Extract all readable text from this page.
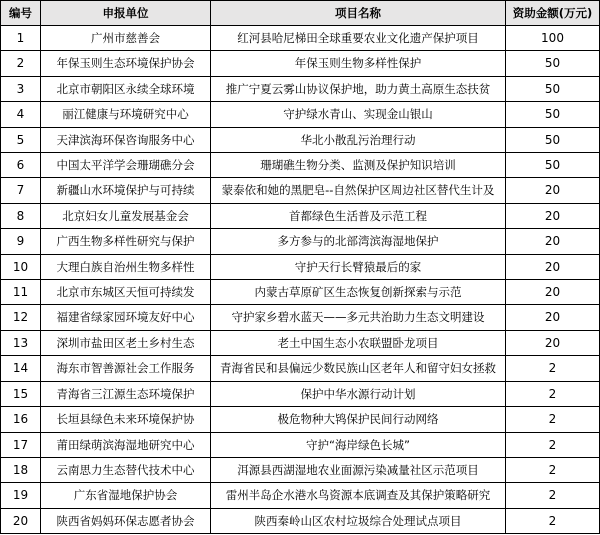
编号	申报单位	项目名称	资助金额(万元)
1	广州市慈善会	红河县哈尼梯田全球重要农业文化遗产保护项目	100
2	年保玉则生态环境保护协会	年保玉则生物多样性保护	50
3	北京市朝阳区永续全球环境	推广宁夏云雾山协议保护地，助力黄土高原生态扶贫	50
4	丽江健康与环境研究中心	守护绿水青山、实现金山银山	50
5	天津滨海环保咨询服务中心	华北小散乱污治理行动	50
6	中国太平洋学会珊瑚礁分会	珊瑚礁生物分类、监测及保护知识培训	50
7	新疆山水环境保护与可持续	蒙泰依和她的黑肥皂--自然保护区周边社区替代生计及	20
8	北京妇女儿童发展基金会	首都绿色生活普及示范工程	20
9	广西生物多样性研究与保护	多方参与的北部湾滨海湿地保护	20
10	大理白族自治州生物多样性	守护天行长臂猿最后的家	20
11	北京市东城区天恒可持续发	内蒙古草原矿区生态恢复创新探索与示范	20
12	福建省绿家园环境友好中心	守护家乡碧水蓝天——多元共治助力生态文明建设	20
13	深圳市盐田区老土乡村生态	老土中国生态小农联盟卧龙项目	20
14	海东市智善源社会工作服务	青海省民和县偏远少数民族山区老年人和留守妇女拯救	2
15	青海省三江源生态环境保护	保护中华水源行动计划	2
16	长垣县绿色未来环境保护协	极危物种大鸨保护民间行动网络	2
17	莆田绿萌滨海湿地研究中心	守护“海岸绿色长城”	2
18	云南思力生态替代技术中心	洱源县西湖湿地农业面源污染减量社区示范项目	2
19	广东省湿地保护协会	雷州半岛企水港水鸟资源本底调查及其保护策略研究	2
20	陕西省妈妈环保志愿者协会	陕西秦岭山区农村垃圾综合处理试点项目	2
